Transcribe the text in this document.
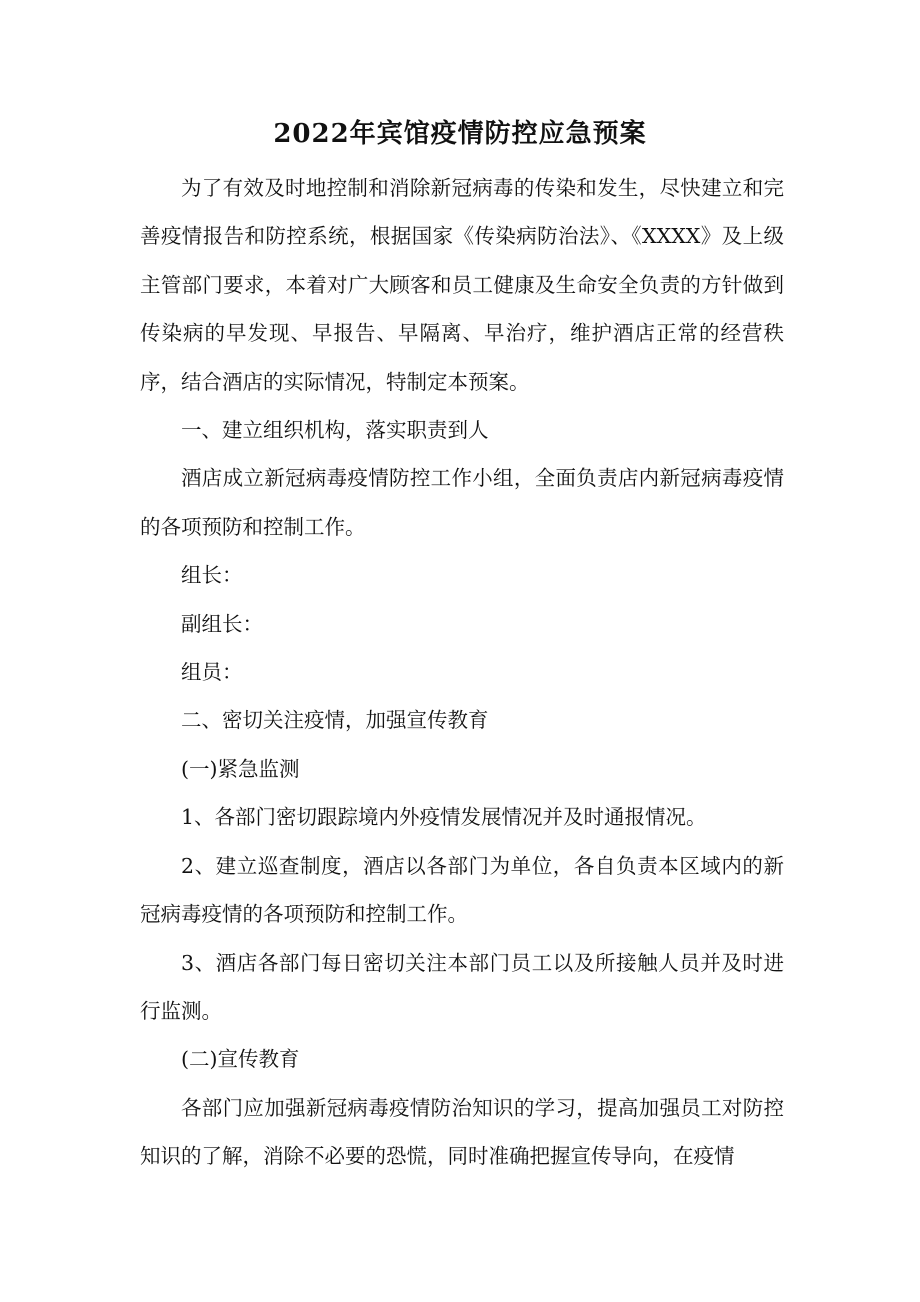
2022年宾馆疫情防控应急预案

为了有效及时地控制和消除新冠病毒的传染和发生，尽快建立和完善疫情报告和防控系统，根据国家《传染病防治法》、《XXXX》及上级主管部门要求，本着对广大顾客和员工健康及生命安全负责的方针做到传染病的早发现、早报告、早隔离、早治疗，维护酒店正常的经营秩序，结合酒店的实际情况，特制定本预案。

一、建立组织机构，落实职责到人

酒店成立新冠病毒疫情防控工作小组，全面负责店内新冠病毒疫情的各项预防和控制工作。

组长：

副组长：

组员：

二、密切关注疫情，加强宣传教育

(一)紧急监测

1、各部门密切跟踪境内外疫情发展情况并及时通报情况。

2、建立巡查制度，酒店以各部门为单位，各自负责本区域内的新冠病毒疫情的各项预防和控制工作。

3、酒店各部门每日密切关注本部门员工以及所接触人员并及时进行监测。

(二)宣传教育

各部门应加强新冠病毒疫情防治知识的学习，提高加强员工对防控知识的了解，消除不必要的恐慌，同时准确把握宣传导向，在疫情
